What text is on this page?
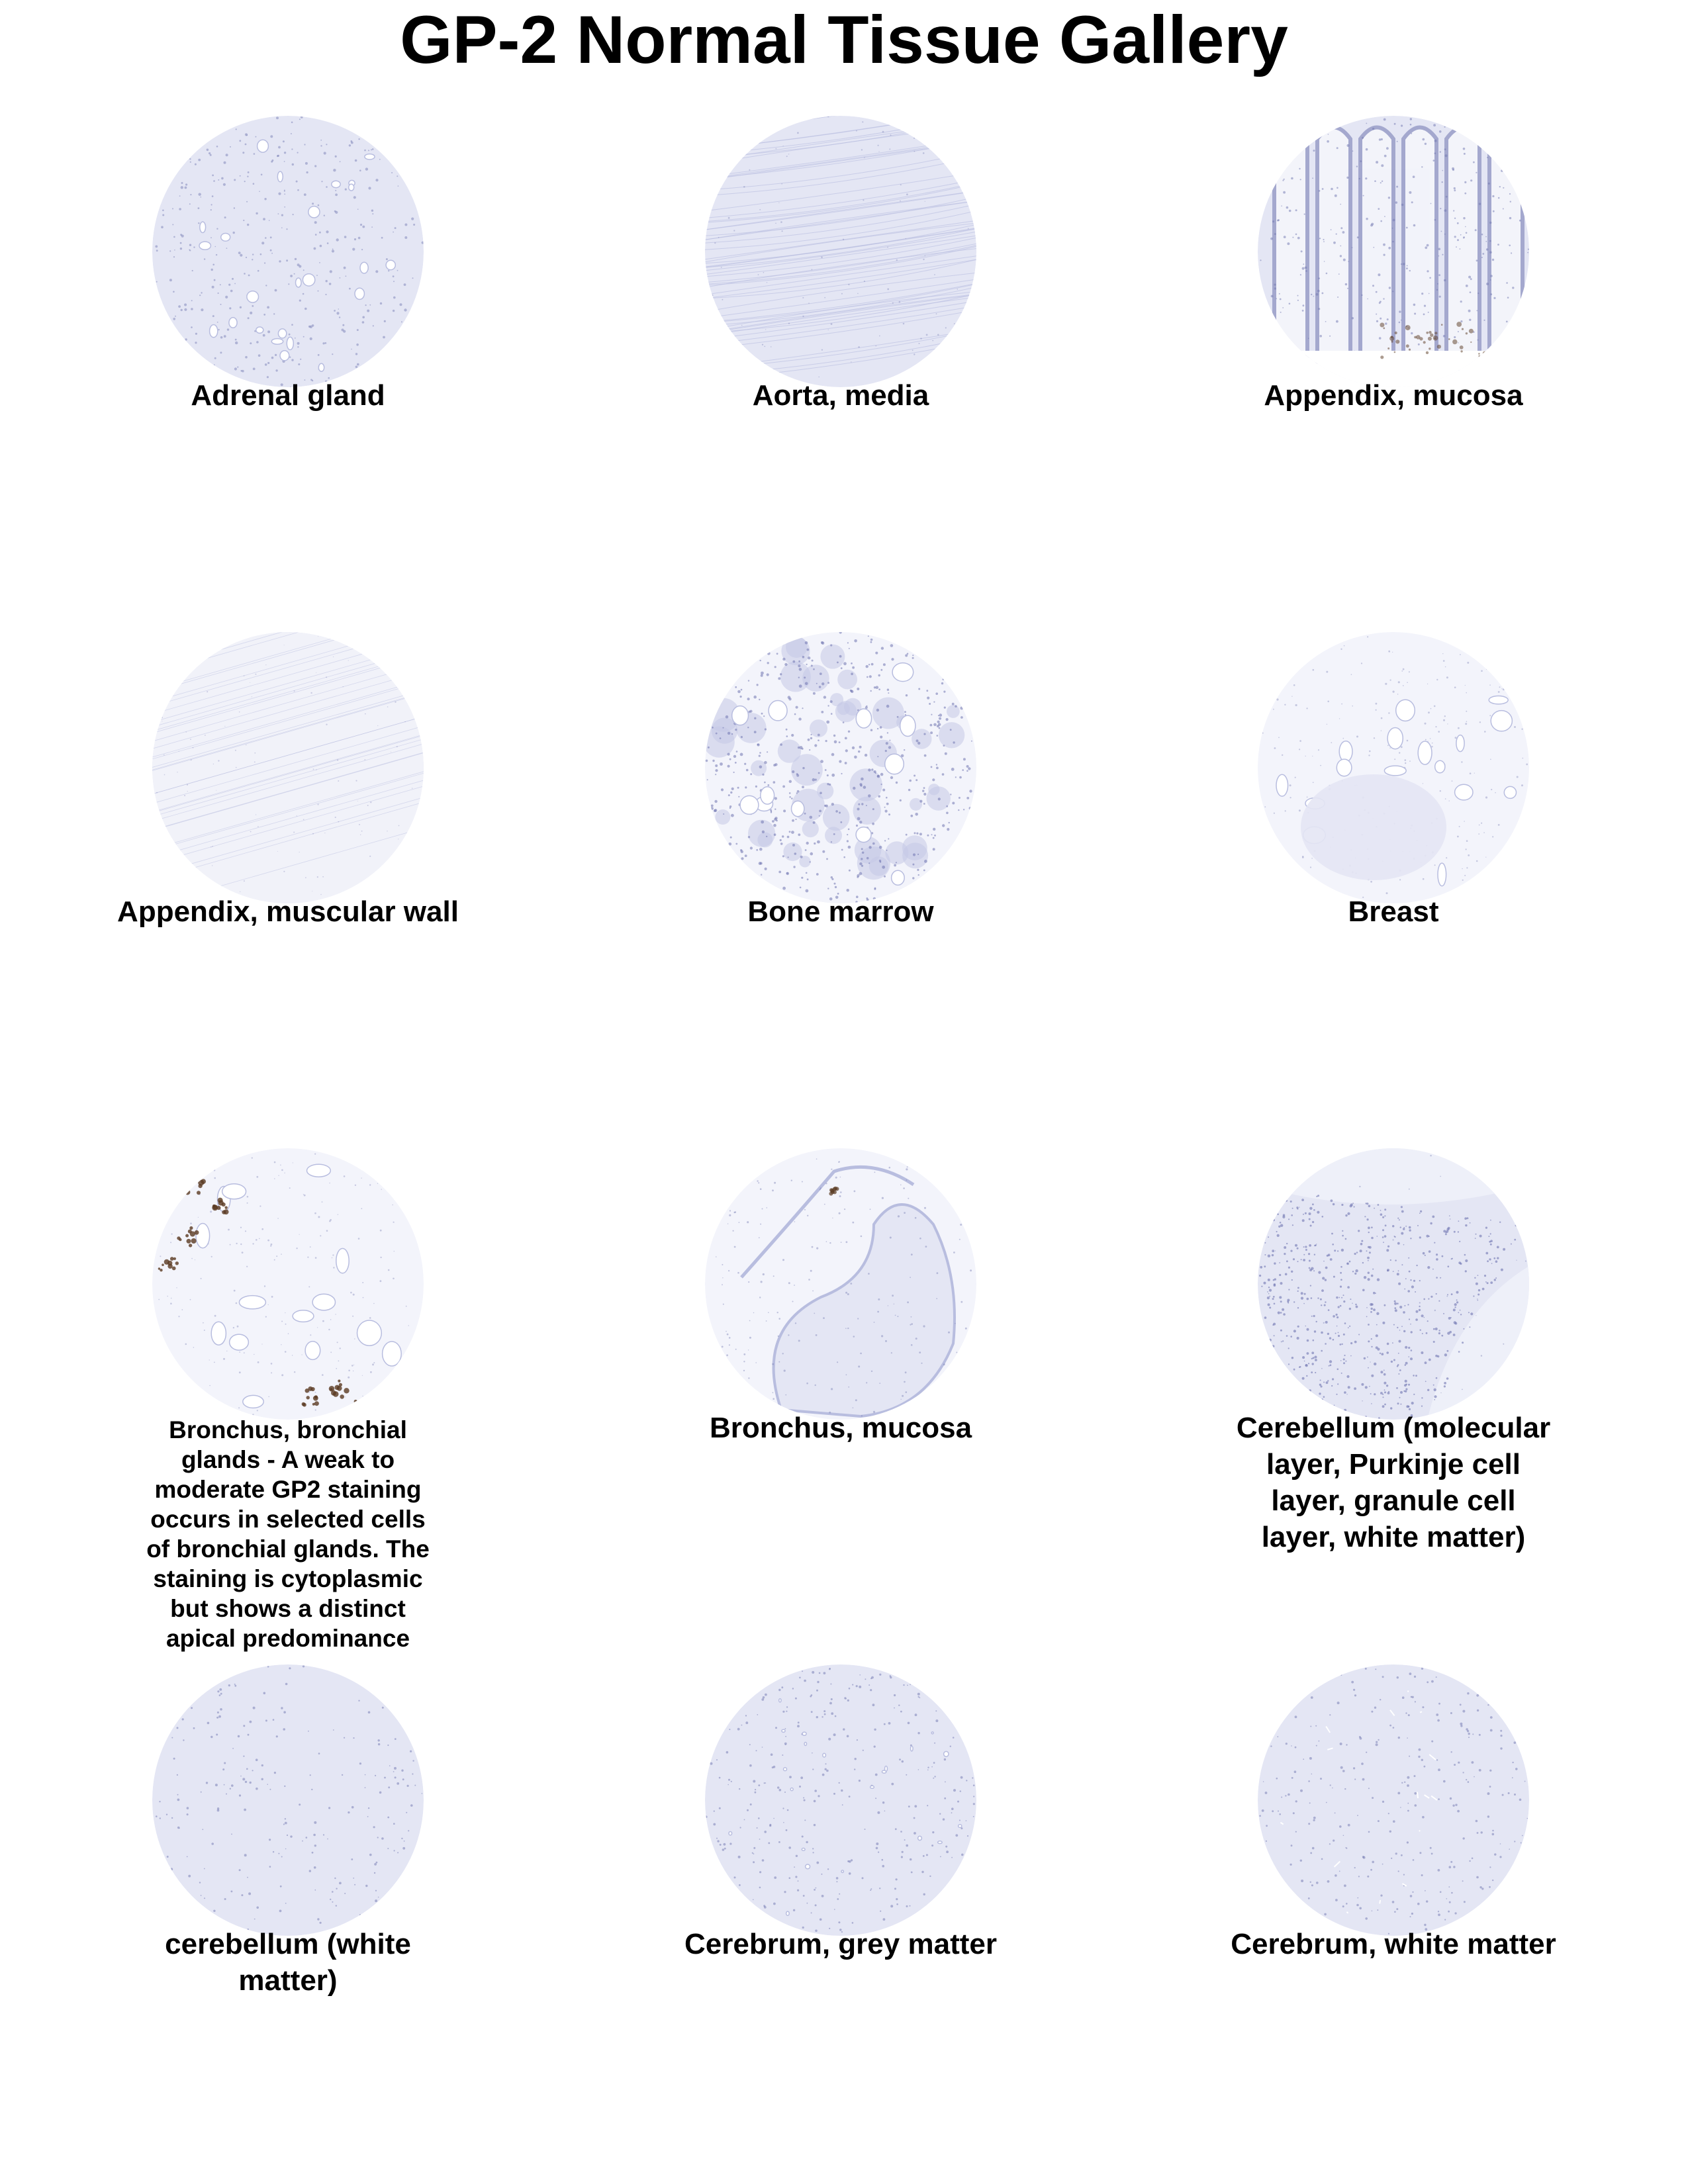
GP-2 Normal Tissue Gallery
Adrenal gland	Aorta, media	Appendix, mucosa
Appendix, muscular wall	Bone marrow	Breast
Bronchus, bronchial glands - A weak to moderate GP2 staining occurs in selected cells of bronchial glands. The staining is cytoplasmic but shows a distinct apical predominance
Bronchus, mucosa	Cerebellum (molecular layer, Purkinje cell layer, granule cell layer, white matter)
cerebellum (white matter)
Cerebrum, grey matter	Cerebrum, white matter
